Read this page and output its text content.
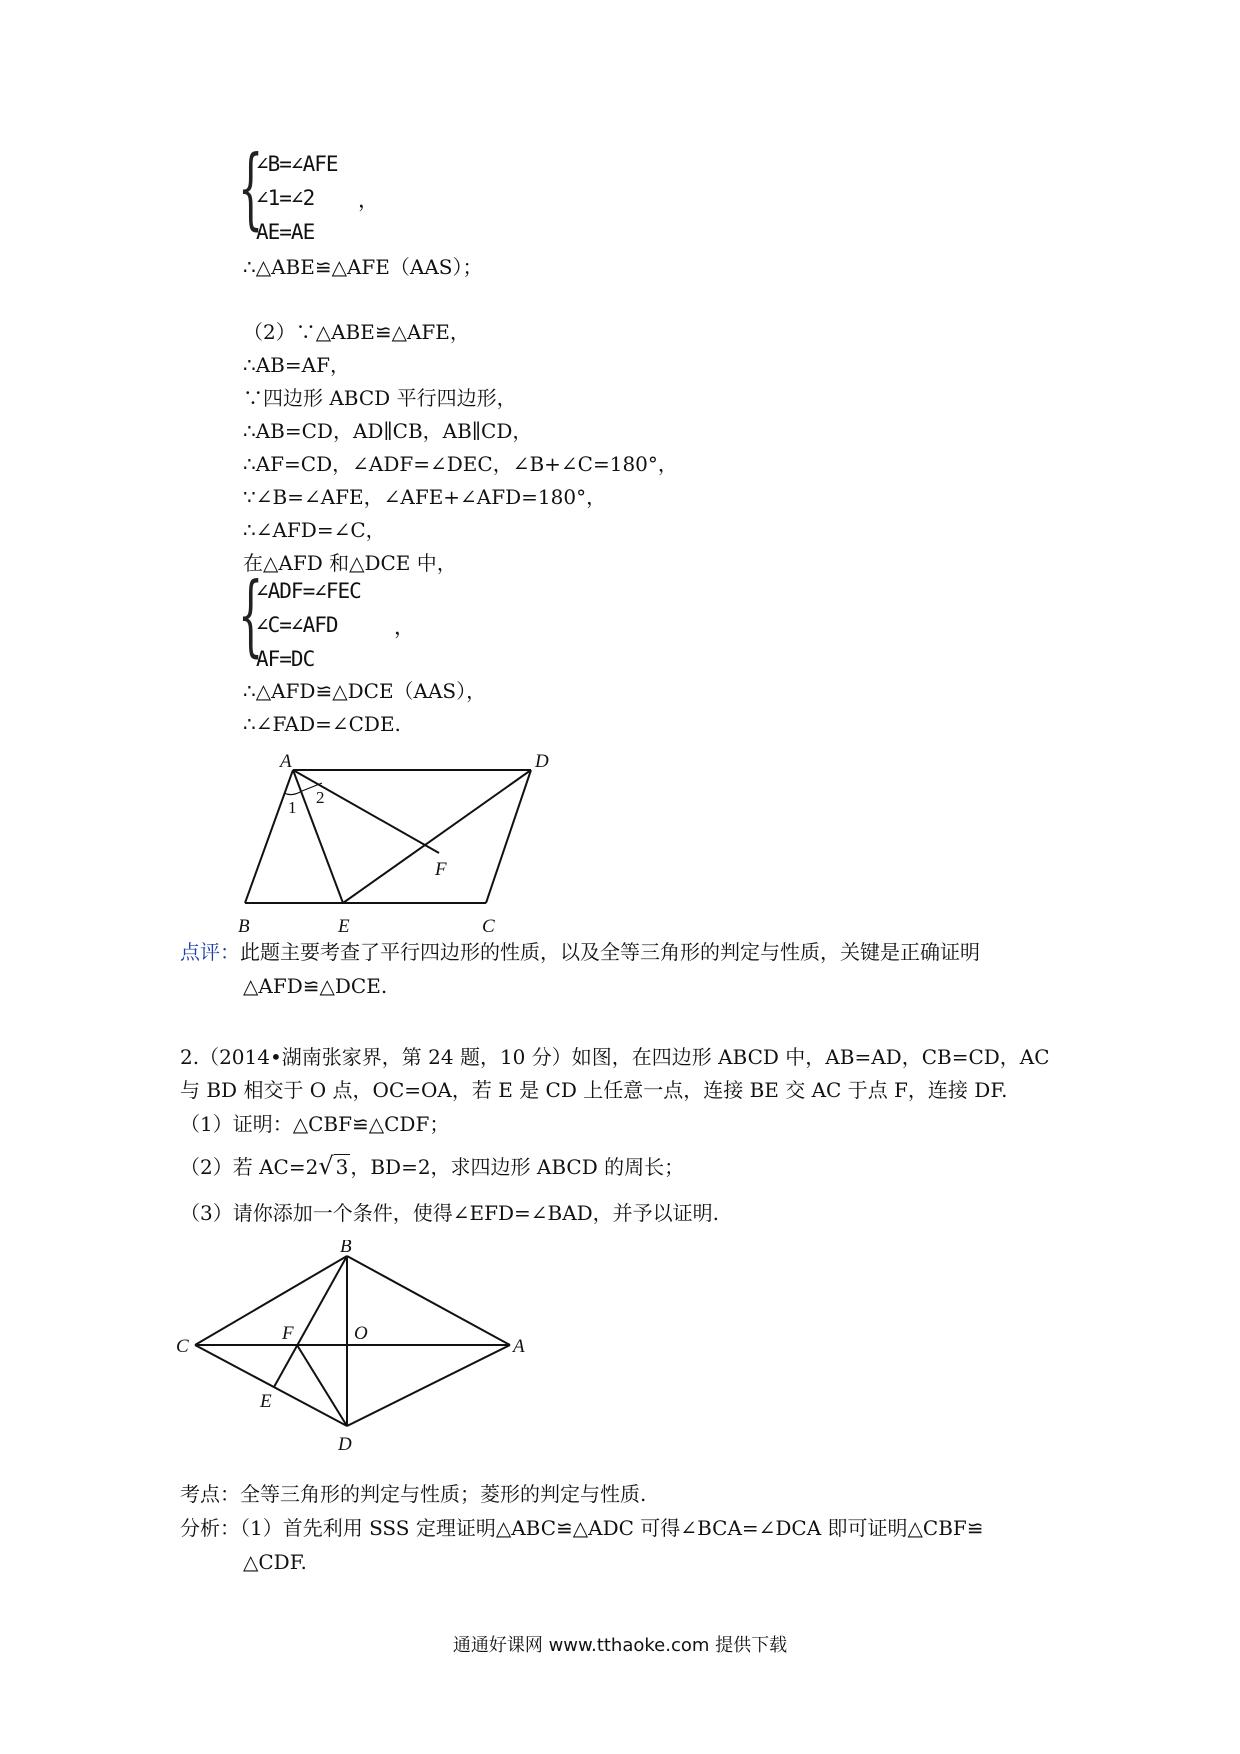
{
∠B=∠AFE
∠1=∠2
AE=AE
，
∴△ABE≌△AFE（AAS）；
（2）∵△ABE≌△AFE，
∴AB=AF，
∵四边形 ABCD 平行四边形，
∴AB=CD，AD∥CB，AB∥CD，
∴AF=CD，∠ADF=∠DEC，∠B+∠C=180°，
∵∠B=∠AFE，∠AFE+∠AFD=180°，
∴∠AFD=∠C，
在△AFD 和△DCE 中，
{
∠ADF=∠FEC
∠C=∠AFD
AF=DC
，
∴△AFD≌△DCE（AAS），
∴∠FAD=∠CDE.
A	D
B	C
E
F
1
2
点评：此题主要考查了平行四边形的性质，以及全等三角形的判定与性质，关键是正确证明
△AFD≌△DCE.
2.（2014•湖南张家界，第 24 题，10 分）如图，在四边形 ABCD 中，AB=AD，CB=CD，AC
与 BD 相交于 O 点，OC=OA，若 E 是 CD 上任意一点，连接 BE 交 AC 于点 F，连接 DF.
（1）证明：△CBF≌△CDF；
（2）若 AC=2√ 3 ，BD=2，求四边形 ABCD 的周长；
（3）请你添加一个条件，使得∠EFD=∠BAD，并予以证明.
B
C	A
F	O
E
D
考点：全等三角形的判定与性质；菱形的判定与性质.
分析：（1）首先利用 SSS 定理证明△ABC≌△ADC 可得∠BCA=∠DCA 即可证明△CBF≌
△CDF.
通通好课网 www.tthaoke.com 提供下载
